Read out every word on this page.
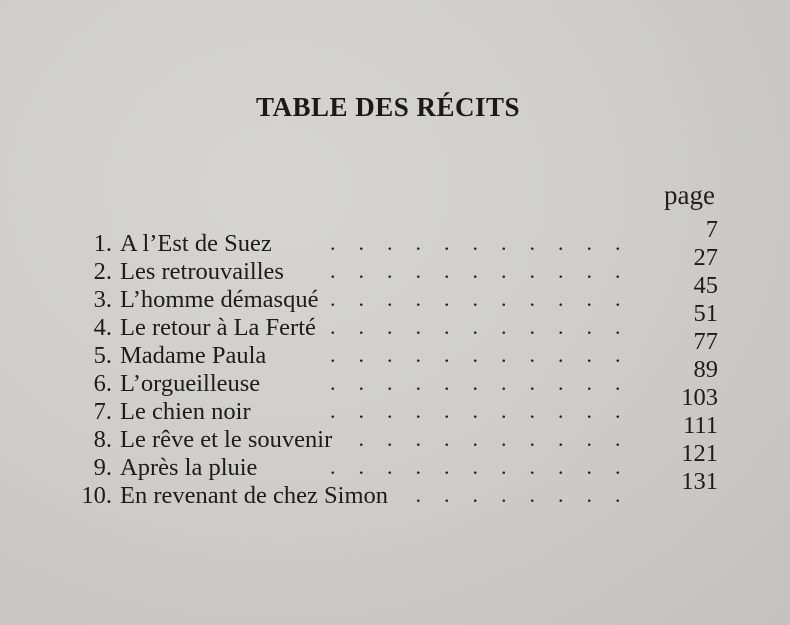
TABLE DES RÉCITS
page
1. A l’Est de Suez
7
. . . . . . . . . . .
2. Les retrouvailles
27
. . . . . . . . . . .
3. L’homme démasqué
45
. . . . . . . . . . .
4. Le retour à La Ferté
51
. . . . . . . . . . .
5. Madame Paula
77
. . . . . . . . . . .
6. L’orgueilleuse
89
. . . . . . . . . . .
7. Le chien noir
103
. . . . . . . . . . .
8. Le rêve et le souvenir
111
. . . . . . . . . .
9. Après la pluie
121
. . . . . . . . . . .
10. En revenant de chez Simon
131
. . . . . . . .
